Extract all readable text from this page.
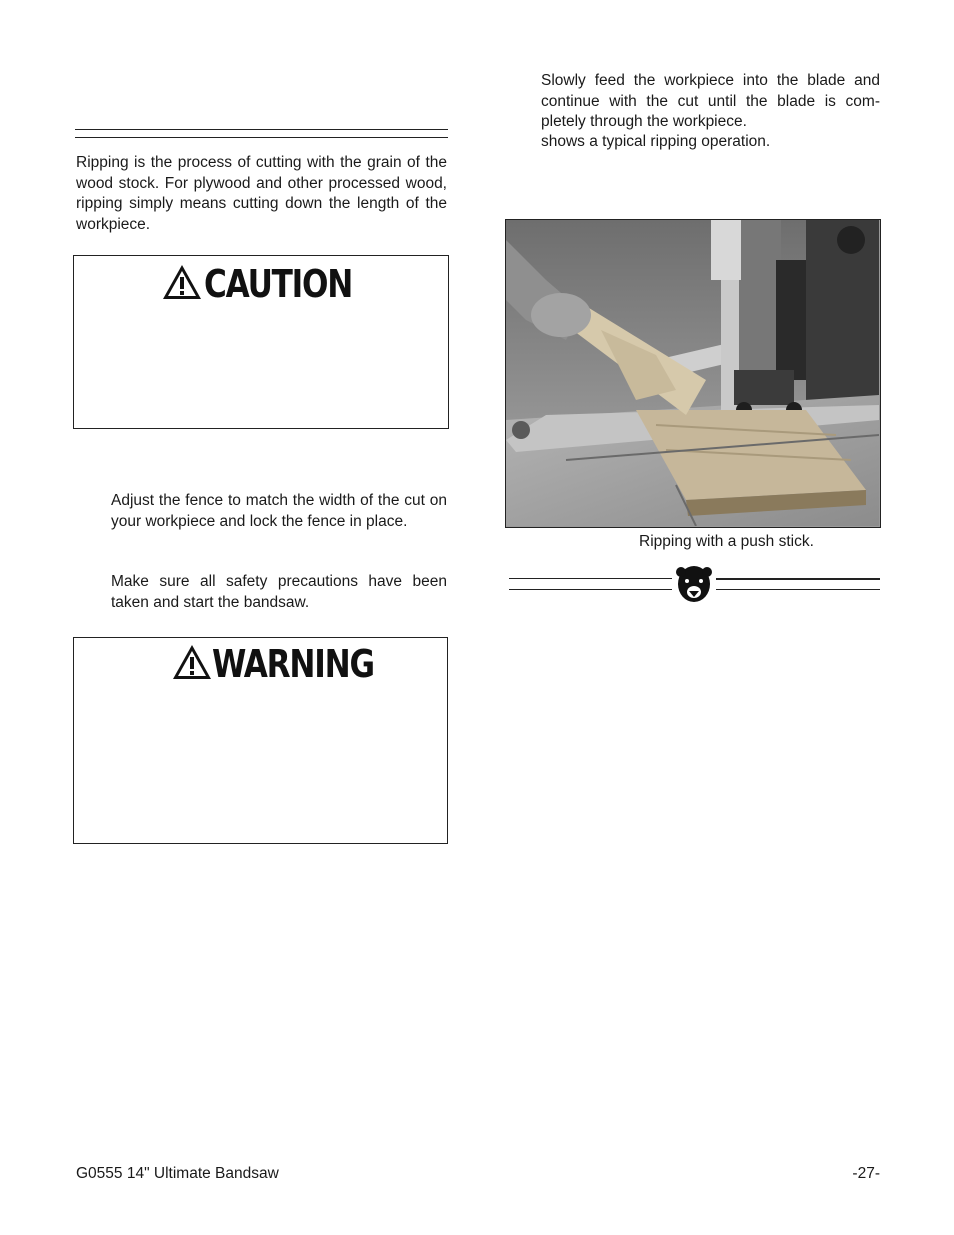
Ripping is the process of cutting with the grain of the wood stock. For plywood and other processed wood, ripping simply means cutting down the length of the workpiece.
CAUTION
Adjust the fence to match the width of the cut on your workpiece and lock the fence in place.
Make sure all safety precautions have been taken and start the bandsaw.
WARNING
Slowly feed the workpiece into the blade and continue with the cut until the blade is com-pletely through the workpiece.
shows a typical ripping operation.
Ripping with a push stick.
G0555 14" Ultimate Bandsaw	-27-
